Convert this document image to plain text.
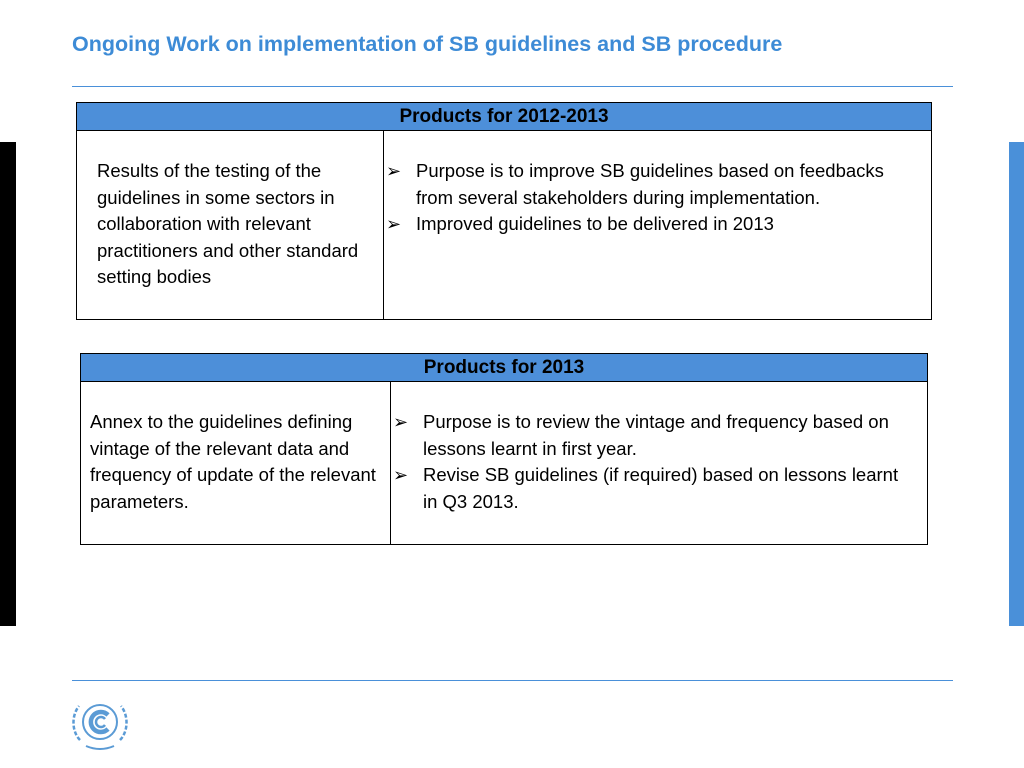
Ongoing Work on implementation of SB guidelines and SB procedure
Products for 2012-2013
Results of the testing of the guidelines in some sectors in collaboration with relevant practitioners and other standard setting bodies	
➢ Purpose is to improve SB guidelines based on feedbacks from several stakeholders during implementation.
➢ Improved guidelines to be delivered in 2013
Products for 2013
Annex to the guidelines defining vintage of the relevant data and frequency of update of the relevant parameters.	
➢ Purpose is to review the vintage and frequency based on lessons learnt in first year.
➢ Revise SB guidelines (if required) based on lessons learnt in Q3 2013.
